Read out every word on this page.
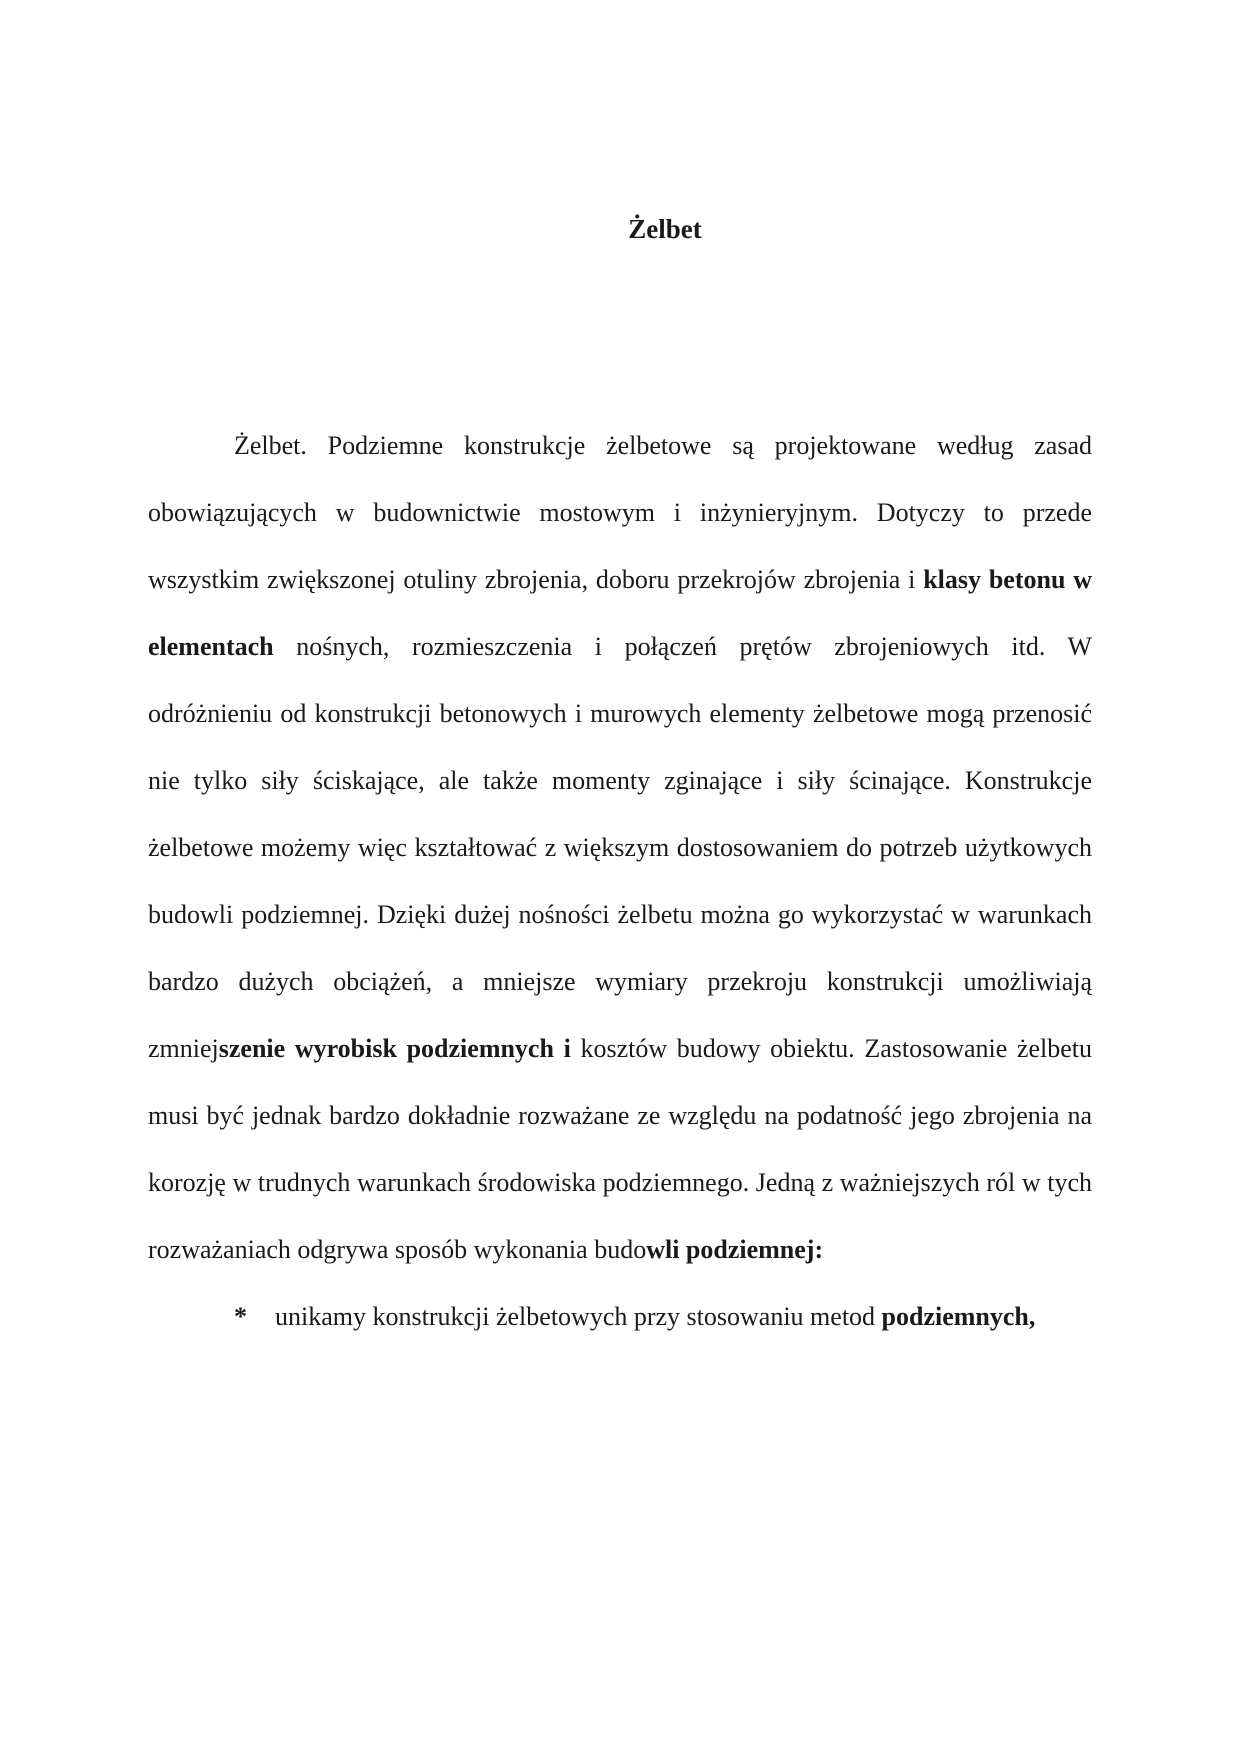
Żelbet

Żelbet. Podziemne konstrukcje żelbetowe są projektowane według zasad obowiązujących w budownictwie mostowym i inżynieryjnym. Dotyczy to przede wszystkim zwiększonej otuliny zbrojenia, doboru przekrojów zbrojenia i klasy betonu w elementach nośnych, rozmieszczenia i połączeń prętów zbrojeniowych itd. W odróżnieniu od konstrukcji betonowych i murowych elementy żelbetowe mogą przenosić nie tylko siły ściskające, ale także momenty zginające i siły ścinające. Konstrukcje żelbetowe możemy więc kształtować z większym dostosowaniem do potrzeb użytkowych budowli podziemnej. Dzięki dużej nośności żelbetu można go wykorzystać w warunkach bardzo dużych obciążeń, a mniejsze wymiary przekroju konstrukcji umożliwiają zmniejszenie wyrobisk podziemnych i kosztów budowy obiektu. Zastosowanie żelbetu musi być jednak bardzo dokładnie rozważane ze względu na podatność jego zbrojenia na korozję w trudnych warunkach środowiska podziemnego. Jedną z ważniejszych ról w tych rozważaniach odgrywa sposób wykonania budowli podziemnej:

* unikamy konstrukcji żelbetowych przy stosowaniu metod podziemnych,
